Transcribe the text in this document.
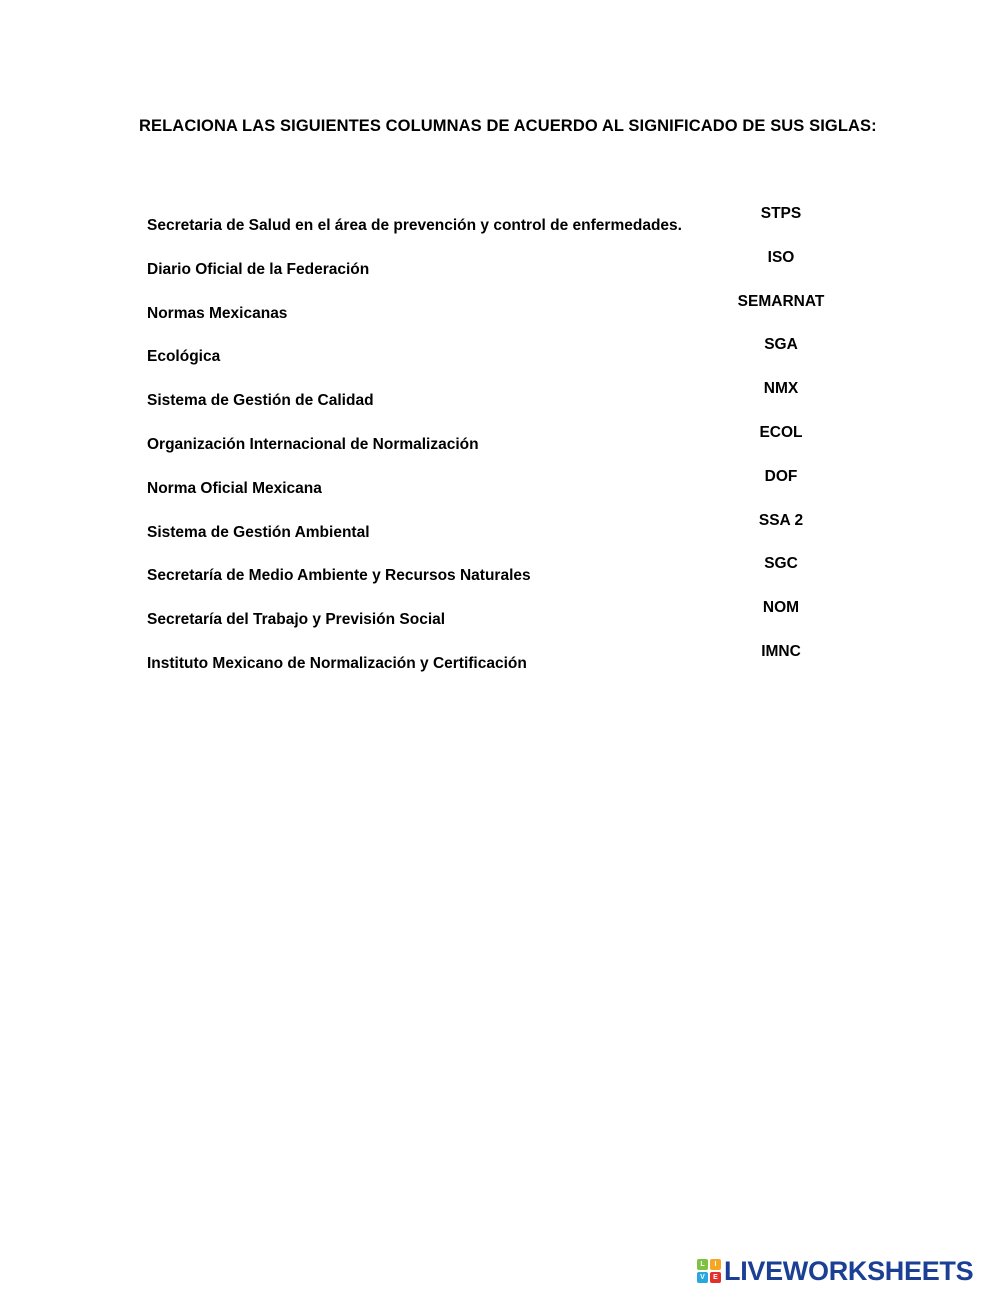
RELACIONA LAS SIGUIENTES COLUMNAS DE ACUERDO AL SIGNIFICADO DE SUS SIGLAS:
Secretaria de Salud en el área de prevención y control de enfermedades.
Diario Oficial de la Federación
Normas Mexicanas
Ecológica
Sistema de Gestión de Calidad
Organización Internacional de Normalización
Norma Oficial Mexicana
Sistema de Gestión Ambiental
Secretaría de Medio Ambiente y Recursos Naturales
Secretaría del Trabajo y Previsión Social
Instituto Mexicano de Normalización y Certificación
STPS
ISO
SEMARNAT
SGA
NMX
ECOL
DOF
SSA 2
SGC
NOM
IMNC
L	I
V	E LIVEWORKSHEETS
